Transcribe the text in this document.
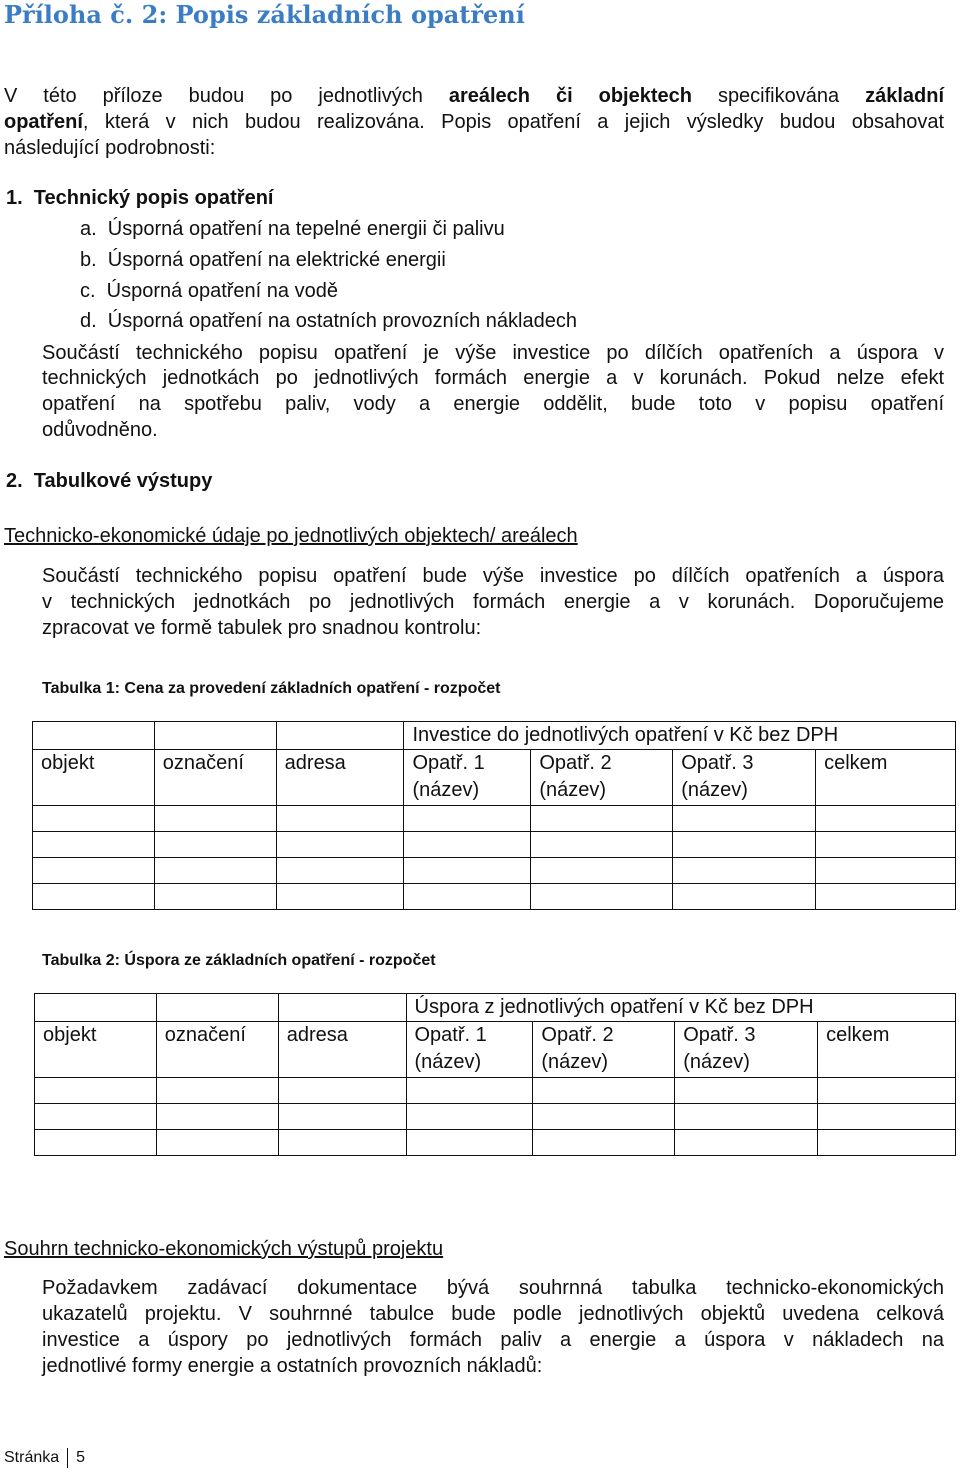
Příloha č. 2: Popis základních opatření
V této příloze budou po jednotlivých areálech či objektech specifikována základní
opatření, která v nich budou realizována. Popis opatření a jejich výsledky budou obsahovat
následující podrobnosti:
1.  Technický popis opatření
a.  Úsporná opatření na tepelné energii či palivu
b.  Úsporná opatření na elektrické energii
c.  Úsporná opatření na vodě
d.  Úsporná opatření na ostatních provozních nákladech
Součástí technického popisu opatření je výše investice po dílčích opatřeních a úspora v
technických jednotkách po jednotlivých formách energie a v korunách. Pokud nelze efekt
opatření na spotřebu paliv, vody a energie oddělit, bude toto v popisu opatření
odůvodněno.
2.  Tabulkové výstupy
Technicko-ekonomické údaje po jednotlivých objektech/ areálech
Součástí technického popisu opatření bude výše investice po dílčích opatřeních a úspora
v technických jednotkách po jednotlivých formách energie a v korunách. Doporučujeme
zpracovat ve formě tabulek pro snadnou kontrolu:
Tabulka 1: Cena za provedení základních opatření - rozpočet
			Investice do jednotlivých opatření v Kč bez DPH			
objekt	označení	adresa	Opatř. 1 (název)	Opatř. 2 (název)	Opatř. 3 (název)	celkem

Tabulka 2: Úspora ze základních opatření - rozpočet
			Úspora z jednotlivých opatření v Kč bez DPH			
objekt	označení	adresa	Opatř. 1 (název)	Opatř. 2 (název)	Opatř. 3 (název)	celkem

Souhrn technicko-ekonomických výstupů projektu
Požadavkem zadávací dokumentace bývá souhrnná tabulka technicko-ekonomických
ukazatelů projektu. V souhrnné tabulce bude podle jednotlivých objektů uvedena celková
investice a úspory po jednotlivých formách paliv a energie a úspora v nákladech na
jednotlivé formy energie a ostatních provozních nákladů:
Stránka 5
